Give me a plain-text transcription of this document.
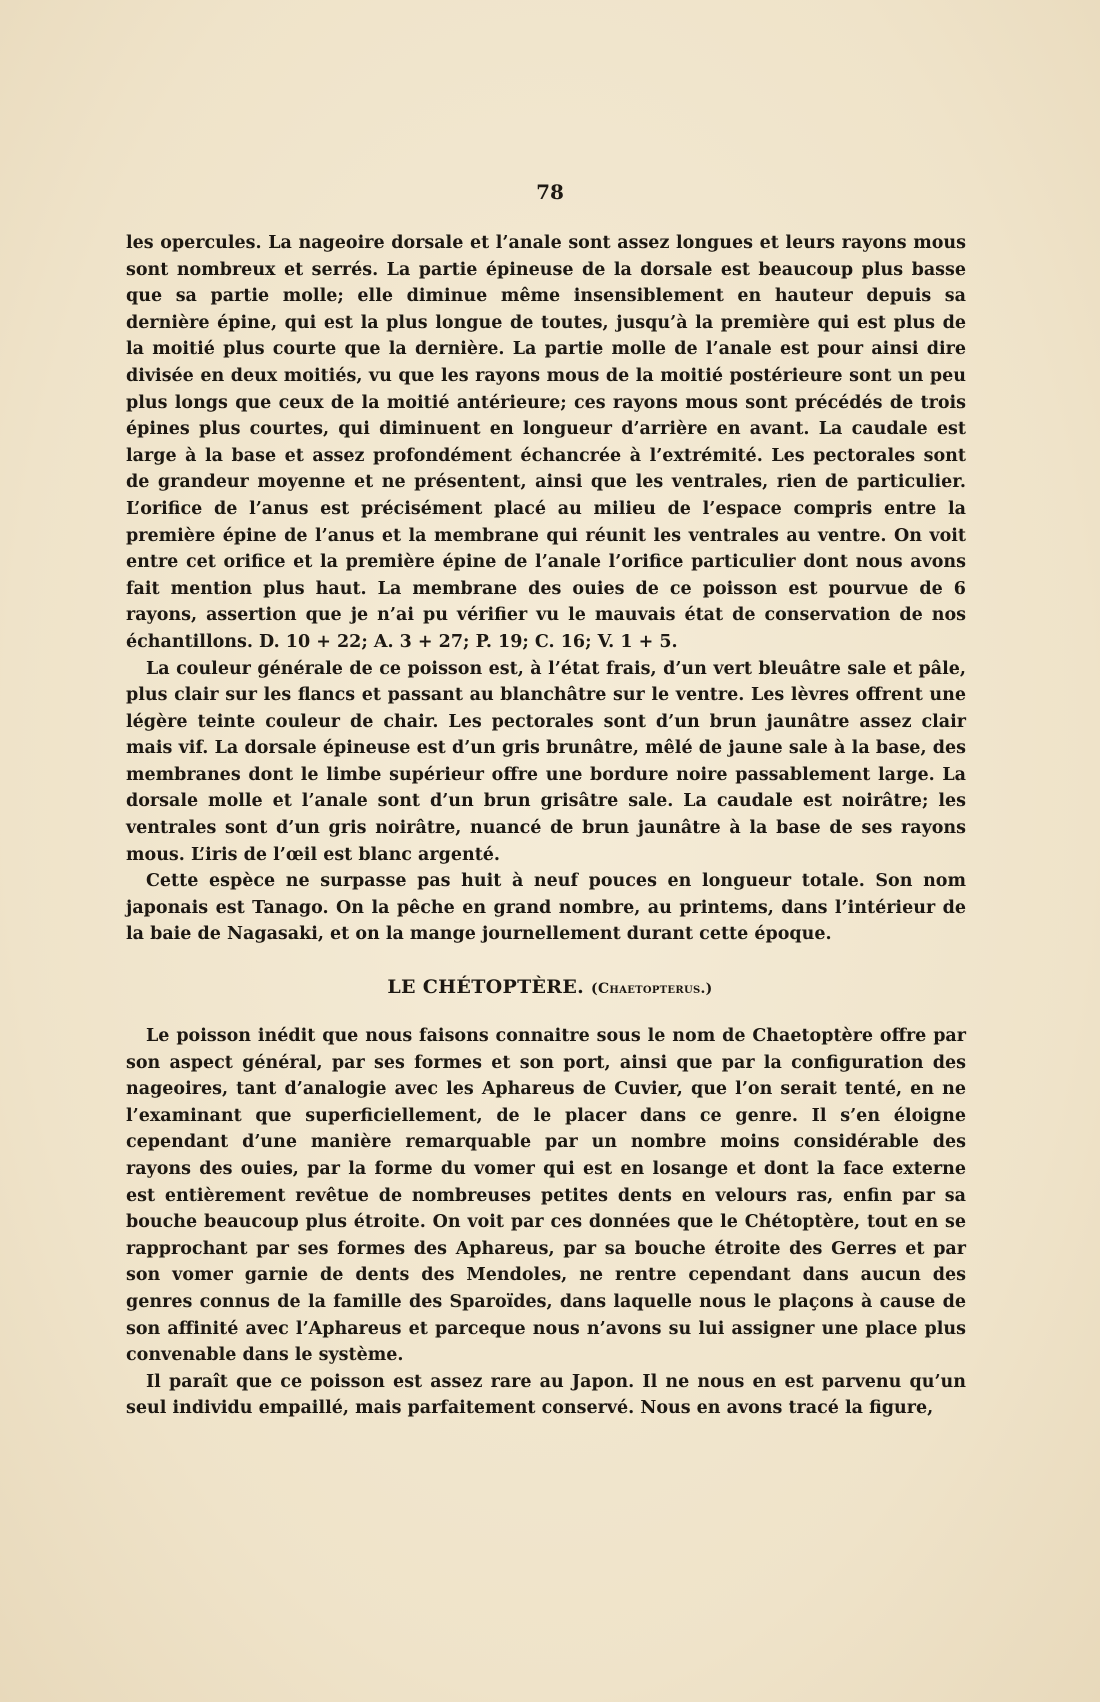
78

les opercules. La nageoire dorsale et l’anale sont assez longues et leurs rayons mous sont nombreux et serrés. La partie épineuse de la dorsale est beaucoup plus basse que sa partie molle; elle diminue même insensiblement en hauteur depuis sa dernière épine, qui est la plus longue de toutes, jusqu’à la première qui est plus de la moitié plus courte que la dernière. La partie molle de l’anale est pour ainsi dire divisée en deux moitiés, vu que les rayons mous de la moitié postérieure sont un peu plus longs que ceux de la moitié antérieure; ces rayons mous sont précédés de trois épines plus courtes, qui diminuent en longueur d’arrière en avant. La caudale est large à la base et assez profondément échancrée à l’extrémité. Les pectorales sont de grandeur moyenne et ne présentent, ainsi que les ventrales, rien de particulier. L’orifice de l’anus est précisément placé au milieu de l’espace compris entre la première épine de l’anus et la membrane qui réunit les ventrales au ventre. On voit entre cet orifice et la première épine de l’anale l’orifice particulier dont nous avons fait mention plus haut. La membrane des ouies de ce poisson est pourvue de 6 rayons, assertion que je n’ai pu vérifier vu le mauvais état de conservation de nos échantillons. D. 10 + 22; A. 3 + 27; P. 19; C. 16; V. 1 + 5.

La couleur générale de ce poisson est, à l’état frais, d’un vert bleuâtre sale et pâle, plus clair sur les flancs et passant au blanchâtre sur le ventre. Les lèvres offrent une légère teinte couleur de chair. Les pectorales sont d’un brun jaunâtre assez clair mais vif. La dorsale épineuse est d’un gris brunâtre, mêlé de jaune sale à la base, des membranes dont le limbe supérieur offre une bordure noire passablement large. La dorsale molle et l’anale sont d’un brun grisâtre sale. La caudale est noirâtre; les ventrales sont d’un gris noirâtre, nuancé de brun jaunâtre à la base de ses rayons mous. L’iris de l’œil est blanc argenté.

Cette espèce ne surpasse pas huit à neuf pouces en longueur totale. Son nom japonais est Tanago. On la pêche en grand nombre, au printems, dans l’intérieur de la baie de Nagasaki, et on la mange journellement durant cette époque.

LE CHÉTOPTÈRE. (Chaetopterus.)

Le poisson inédit que nous faisons connaitre sous le nom de Chaetoptère offre par son aspect général, par ses formes et son port, ainsi que par la configuration des nageoires, tant d’analogie avec les Aphareus de Cuvier, que l’on serait tenté, en ne l’examinant que superficiellement, de le placer dans ce genre. Il s’en éloigne cependant d’une manière remarquable par un nombre moins considérable des rayons des ouies, par la forme du vomer qui est en losange et dont la face externe est entièrement revêtue de nombreuses petites dents en velours ras, enfin par sa bouche beaucoup plus étroite. On voit par ces données que le Chétoptère, tout en se rapprochant par ses formes des Aphareus, par sa bouche étroite des Gerres et par son vomer garnie de dents des Mendoles, ne rentre cependant dans aucun des genres connus de la famille des Sparoïdes, dans laquelle nous le plaçons à cause de son affinité avec l’Aphareus et parceque nous n’avons su lui assigner une place plus convenable dans le système.

Il paraît que ce poisson est assez rare au Japon. Il ne nous en est parvenu qu’un seul individu empaillé, mais parfaitement conservé. Nous en avons tracé la figure,
